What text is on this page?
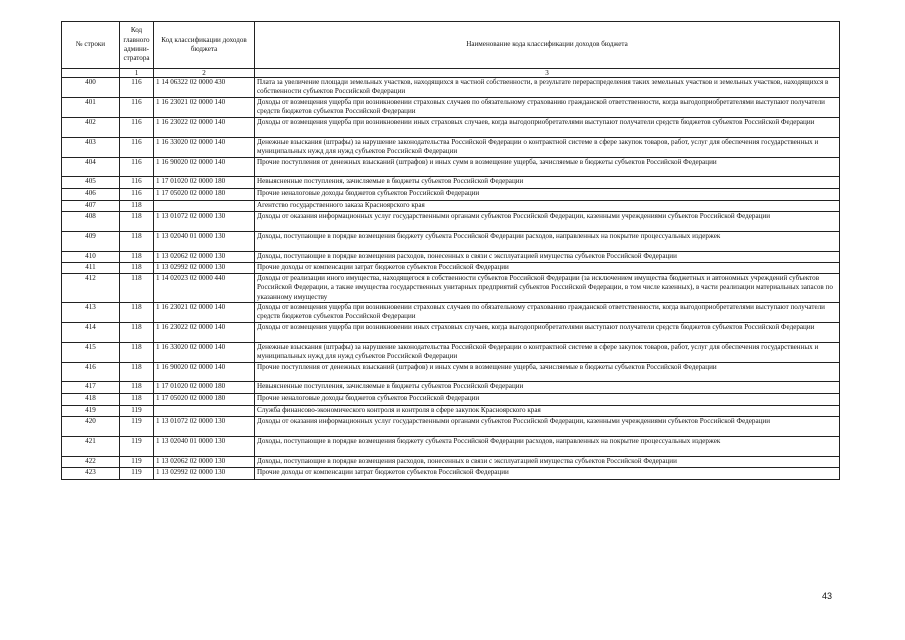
№ строки	Код главного админи-стратора	Код классификации доходов бюджета	Наименование кода классификации доходов бюджета
	1	2	3
400	116	1 14 06322 02 0000 430	Плата за увеличение площади земельных участков, находящихся в частной собственности, в результате перераспределения таких земельных участков и земельных участков, находящихся в собственности субъектов Российской Федерации
401	116	1 16 23021 02 0000 140	Доходы от возмещения ущерба при возникновении страховых случаев по обязательному страхованию гражданской ответственности, когда выгодоприобретателями выступают получатели средств бюджетов субъектов Российской Федерации
402	116	1 16 23022 02 0000 140	Доходы от возмещения ущерба при возникновении иных страховых случаев, когда выгодоприобретателями выступают получатели средств бюджетов субъектов Российской Федерации
403	116	1 16 33020 02 0000 140	Денежные взыскания (штрафы) за нарушение законодательства Российской Федерации о контрактной системе в сфере закупок товаров, работ, услуг для обеспечения государственных и муниципальных нужд для нужд субъектов Российской Федерации
404	116	1 16 90020 02 0000 140	Прочие поступления от денежных взысканий (штрафов) и иных сумм в возмещение ущерба, зачисляемые в бюджеты субъектов Российской Федерации
405	116	1 17 01020 02 0000 180	Невыясненные поступления, зачисляемые в бюджеты субъектов Российской Федерации
406	116	1 17 05020 02 0000 180	Прочие неналоговые доходы бюджетов субъектов Российской Федерации
407	118		Агентство государственного заказа Красноярского края
408	118	1 13 01072 02 0000 130	Доходы от оказания информационных услуг государственными органами субъектов Российской Федерации, казенными учреждениями субъектов Российской Федерации
409	118	1 13 02040 01 0000 130	Доходы, поступающие в порядке возмещения бюджету субъекта Российской Федерации расходов, направленных на покрытие процессуальных издержек
410	118	1 13 02062 02 0000 130	Доходы, поступающие в порядке возмещения расходов, понесенных в связи с эксплуатацией имущества субъектов Российской Федерации
411	118	1 13 02992 02 0000 130	Прочие доходы от компенсации затрат бюджетов субъектов Российской Федерации
412	118	1 14 02023 02 0000 440	Доходы от реализации иного имущества, находящегося в собственности субъектов Российской Федерации (за исключением имущества бюджетных и автономных учреждений субъектов Российской Федерации, а также имущества государственных унитарных предприятий субъектов Российской Федерации, в том числе казенных), в части реализации материальных запасов по указанному имуществу
413	118	1 16 23021 02 0000 140	Доходы от возмещения ущерба при возникновении страховых случаев по обязательному страхованию гражданской ответственности, когда выгодоприобретателями выступают получатели средств бюджетов субъектов Российской Федерации
414	118	1 16 23022 02 0000 140	Доходы от возмещения ущерба при возникновении иных страховых случаев, когда выгодоприобретателями выступают получатели средств бюджетов субъектов Российской Федерации
415	118	1 16 33020 02 0000 140	Денежные взыскания (штрафы) за нарушение законодательства Российской Федерации о контрактной системе в сфере закупок товаров, работ, услуг для обеспечения государственных и муниципальных нужд для нужд субъектов Российской Федерации
416	118	1 16 90020 02 0000 140	Прочие поступления от денежных взысканий (штрафов) и иных сумм в возмещение ущерба, зачисляемые в бюджеты субъектов Российской Федерации
417	118	1 17 01020 02 0000 180	Невыясненные поступления, зачисляемые в бюджеты субъектов Российской Федерации
418	118	1 17 05020 02 0000 180	Прочие неналоговые доходы бюджетов субъектов Российской Федерации
419	119		Служба финансово-экономического контроля и контроля в сфере закупок Красноярского края
420	119	1 13 01072 02 0000 130	Доходы от оказания информационных услуг государственными органами субъектов Российской Федерации, казенными учреждениями субъектов Российской Федерации
421	119	1 13 02040 01 0000 130	Доходы, поступающие в порядке возмещения бюджету субъекта Российской Федерации расходов, направленных на покрытие процессуальных издержек
422	119	1 13 02062 02 0000 130	Доходы, поступающие в порядке возмещения расходов, понесенных в связи с эксплуатацией имущества субъектов Российской Федерации
423	119	1 13 02992 02 0000 130	Прочие доходы от компенсации затрат бюджетов субъектов Российской Федерации
43
